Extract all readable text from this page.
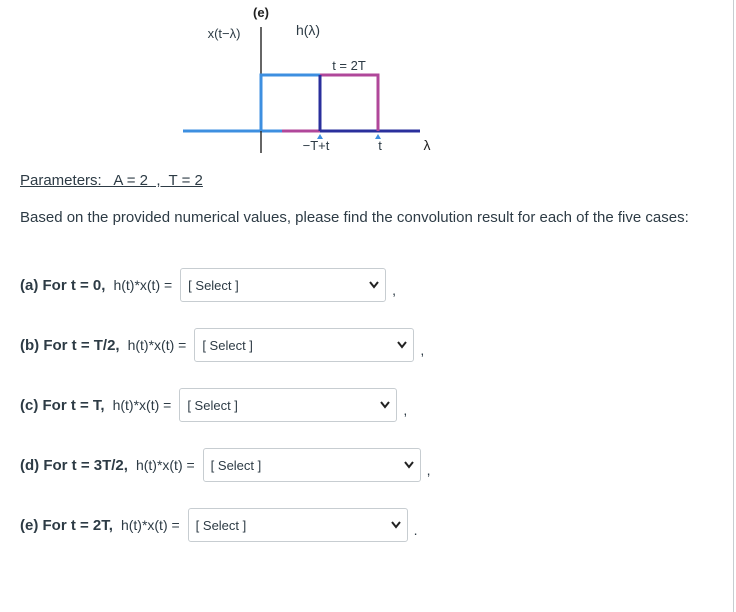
(e)
x(t−λ)	h(λ)
t = 2T
−T+t	t	λ
Parameters:   A = 2  ,  T = 2
Based on the provided numerical values, please find the convolution result for each of the five cases:
(a) For t = 0, h(t)*x(t) = [ Select ]	,
(b) For t = T/2, h(t)*x(t) = [ Select ]	,
(c) For t = T, h(t)*x(t) = [ Select ]	,
(d) For t = 3T/2, h(t)*x(t) = [ Select ]	,
(e) For t = 2T, h(t)*x(t) = [ Select ]	.
